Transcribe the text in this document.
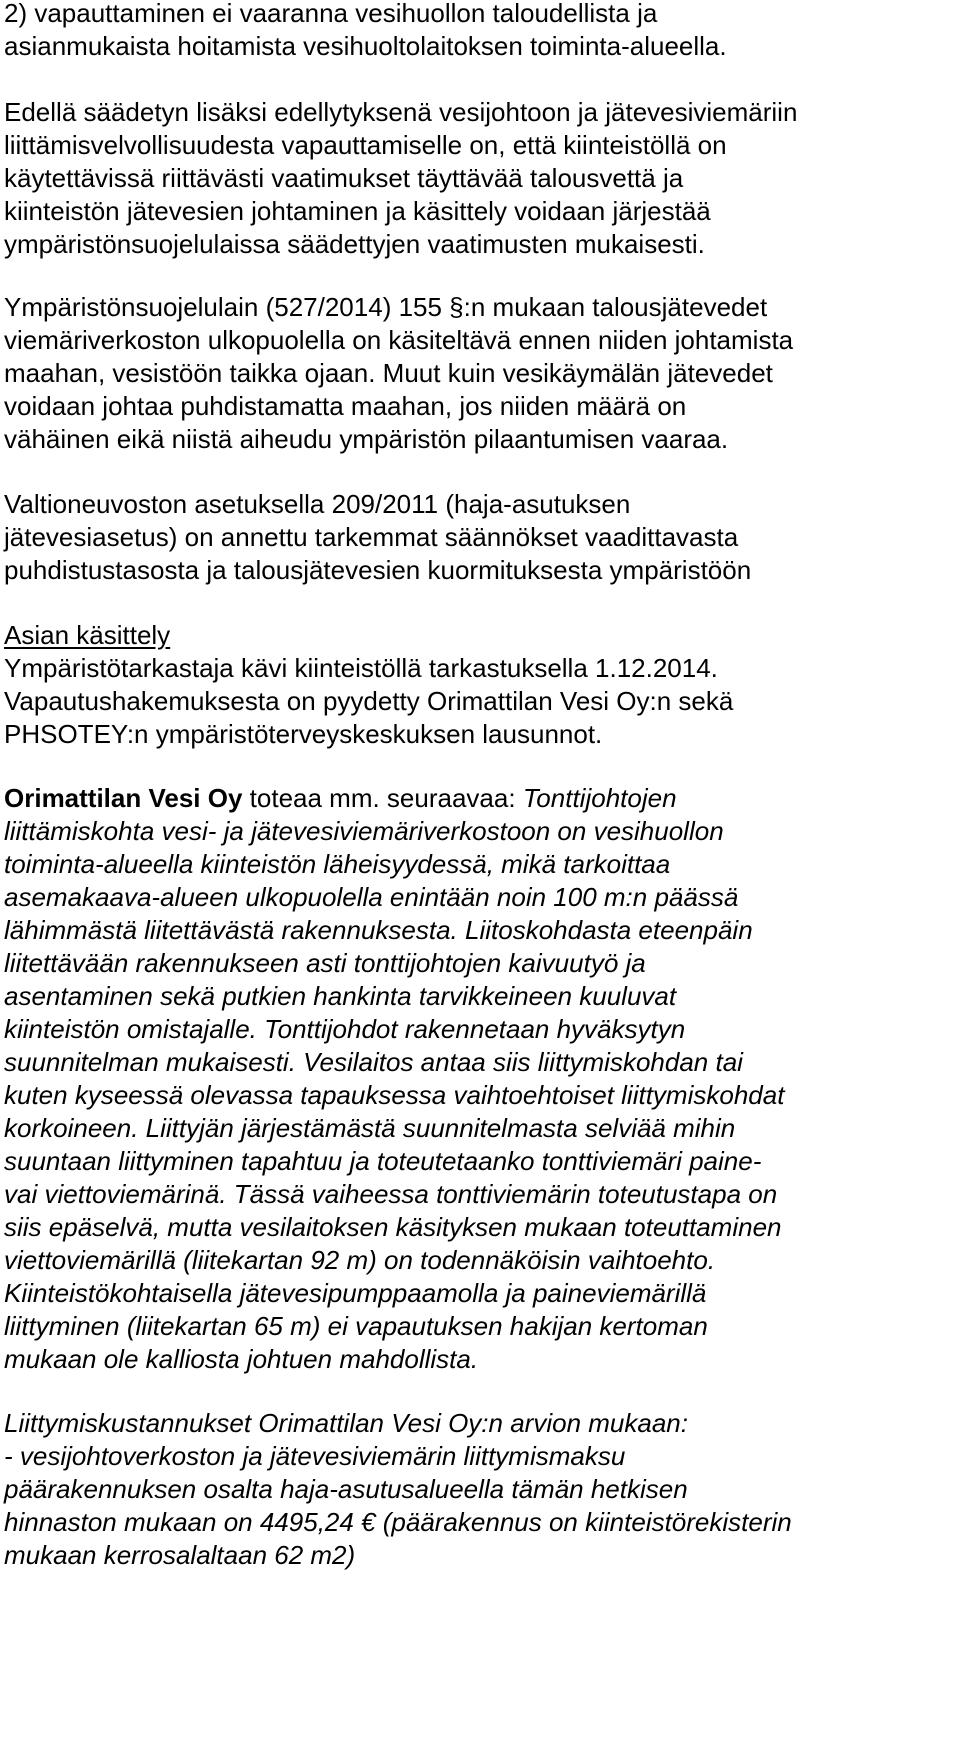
2) vapauttaminen ei vaaranna vesihuollon taloudellista ja
asianmukaista hoitamista vesihuoltolaitoksen toiminta-alueella.
Edellä säädetyn lisäksi edellytyksenä vesijohtoon ja jätevesiviemäriin
liittämisvelvollisuudesta vapauttamiselle on, että kiinteistöllä on
käytettävissä riittävästi vaatimukset täyttävää talousvettä ja
kiinteistön jätevesien johtaminen ja käsittely voidaan järjestää
ympäristönsuojelulaissa säädettyjen vaatimusten mukaisesti.
Ympäristönsuojelulain (527/2014) 155 §:n mukaan talousjätevedet
viemäriverkoston ulkopuolella on käsiteltävä ennen niiden johtamista
maahan, vesistöön taikka ojaan. Muut kuin vesikäymälän jätevedet
voidaan johtaa puhdistamatta maahan, jos niiden määrä on
vähäinen eikä niistä aiheudu ympäristön pilaantumisen vaaraa.
Valtioneuvoston asetuksella 209/2011 (haja-asutuksen
jätevesiasetus) on annettu tarkemmat säännökset vaadittavasta
puhdistustasosta ja talousjätevesien kuormituksesta ympäristöön
Asian käsittely
Ympäristötarkastaja kävi kiinteistöllä tarkastuksella 1.12.2014.
Vapautushakemuksesta on pyydetty Orimattilan Vesi Oy:n sekä
PHSOTEY:n ympäristöterveyskeskuksen lausunnot.
Orimattilan Vesi Oy toteaa mm. seuraavaa: Tonttijohtojen
liittämiskohta vesi- ja jätevesiviemäriverkostoon on vesihuollon
toiminta-alueella kiinteistön läheisyydessä, mikä tarkoittaa
asemakaava-alueen ulkopuolella enintään noin 100 m:n päässä
lähimmästä liitettävästä rakennuksesta. Liitoskohdasta eteenpäin
liitettävään rakennukseen asti tonttijohtojen kaivuutyö ja
asentaminen sekä putkien hankinta tarvikkeineen kuuluvat
kiinteistön omistajalle. Tonttijohdot rakennetaan hyväksytyn
suunnitelman mukaisesti. Vesilaitos antaa siis liittymiskohdan tai
kuten kyseessä olevassa tapauksessa vaihtoehtoiset liittymiskohdat
korkoineen. Liittyjän järjestämästä suunnitelmasta selviää mihin
suuntaan liittyminen tapahtuu ja toteutetaanko tonttiviemäri paine-
vai viettoviemärinä. Tässä vaiheessa tonttiviemärin toteutustapa on
siis epäselvä, mutta vesilaitoksen käsityksen mukaan toteuttaminen
viettoviemärillä (liitekartan 92 m) on todennäköisin vaihtoehto.
Kiinteistökohtaisella jätevesipumppaamolla ja paineviemärillä
liittyminen (liitekartan 65 m) ei vapautuksen hakijan kertoman
mukaan ole kalliosta johtuen mahdollista.
Liittymiskustannukset Orimattilan Vesi Oy:n arvion mukaan:
- vesijohtoverkoston ja jätevesiviemärin liittymismaksu
päärakennuksen osalta haja-asutusalueella tämän hetkisen
hinnaston mukaan on 4495,24 € (päärakennus on kiinteistörekisterin
mukaan kerrosalaltaan 62 m2)
